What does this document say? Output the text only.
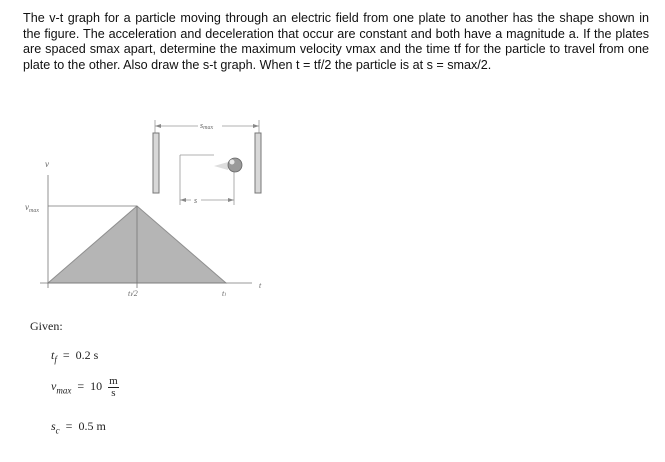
The v-t graph for a particle moving through an electric field from one plate to another has the shape shown in the figure. The acceleration and deceleration that occur are constant and both have a magnitude a. If the plates are spaced smax apart, determine the maximum velocity vmax and the time tf for the particle to travel from one plate to the other. Also draw the s-t graph. When t = tf/2 the particle is at s = smax/2.

v
$v_{max}$
t
tₗ/2	tₗ
smax
s
Given:
$t_f = 0.2$ s
$v_{max} = 10 \frac{m}{s}$
$s_c = 0.5$ m
